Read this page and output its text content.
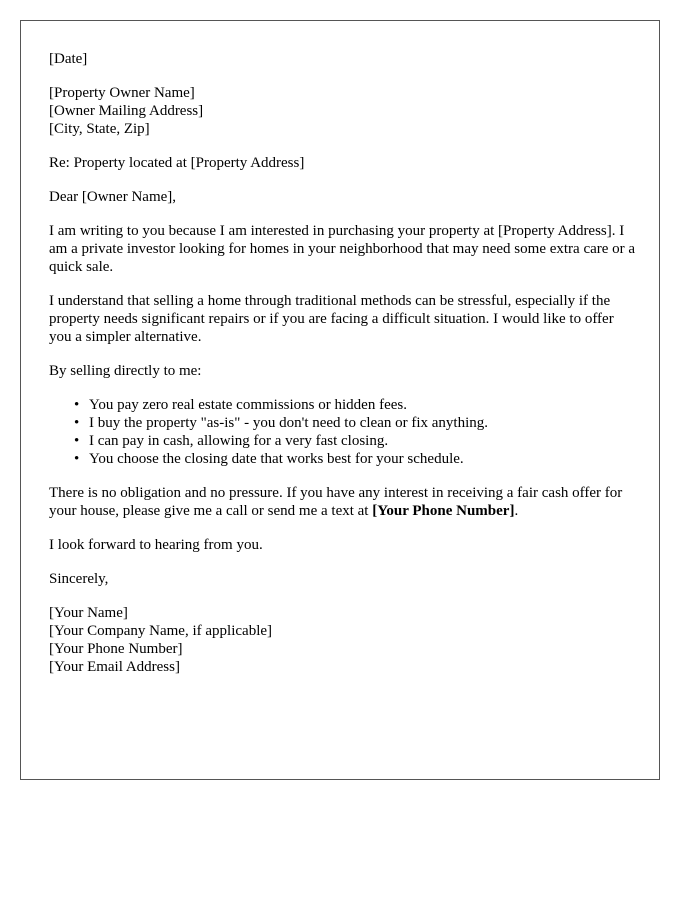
[Date]

[Property Owner Name]
[Owner Mailing Address]
[City, State, Zip]

Re: Property located at [Property Address]

Dear [Owner Name],

I am writing to you because I am interested in purchasing your property at [Property Address]. I am a private investor looking for homes in your neighborhood that may need some extra care or a quick sale.

I understand that selling a home through traditional methods can be stressful, especially if the property needs significant repairs or if you are facing a difficult situation. I would like to offer you a simpler alternative.

By selling directly to me:

• You pay zero real estate commissions or hidden fees.
• I buy the property "as-is" - you don't need to clean or fix anything.
• I can pay in cash, allowing for a very fast closing.
• You choose the closing date that works best for your schedule.

There is no obligation and no pressure. If you have any interest in receiving a fair cash offer for your house, please give me a call or send me a text at [Your Phone Number].

I look forward to hearing from you.

Sincerely,

[Your Name]
[Your Company Name, if applicable]
[Your Phone Number]
[Your Email Address]
